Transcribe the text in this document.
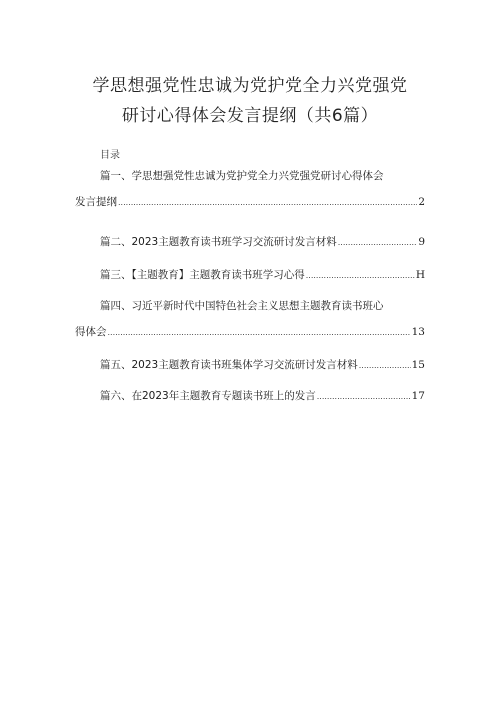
学思想强党性忠诚为党护党全力兴党强党
研讨心得体会发言提纲（共6篇）
目录
篇一、学思想强党性忠诚为党护党全力兴党强党研讨心得体会
发言提纲 .....	2
篇二、2023主题教育读书班学习交流研讨发言材料 .....	9
篇三、【主题教育】主题教育读书班学习心得 .....	H
篇四、习近平新时代中国特色社会主义思想主题教育读书班心
得体会 .....	13
篇五、2023主题教育读书班集体学习交流研讨发言材料 .....	15
篇六、在2023年主题教育专题读书班上的发言 .....	17
